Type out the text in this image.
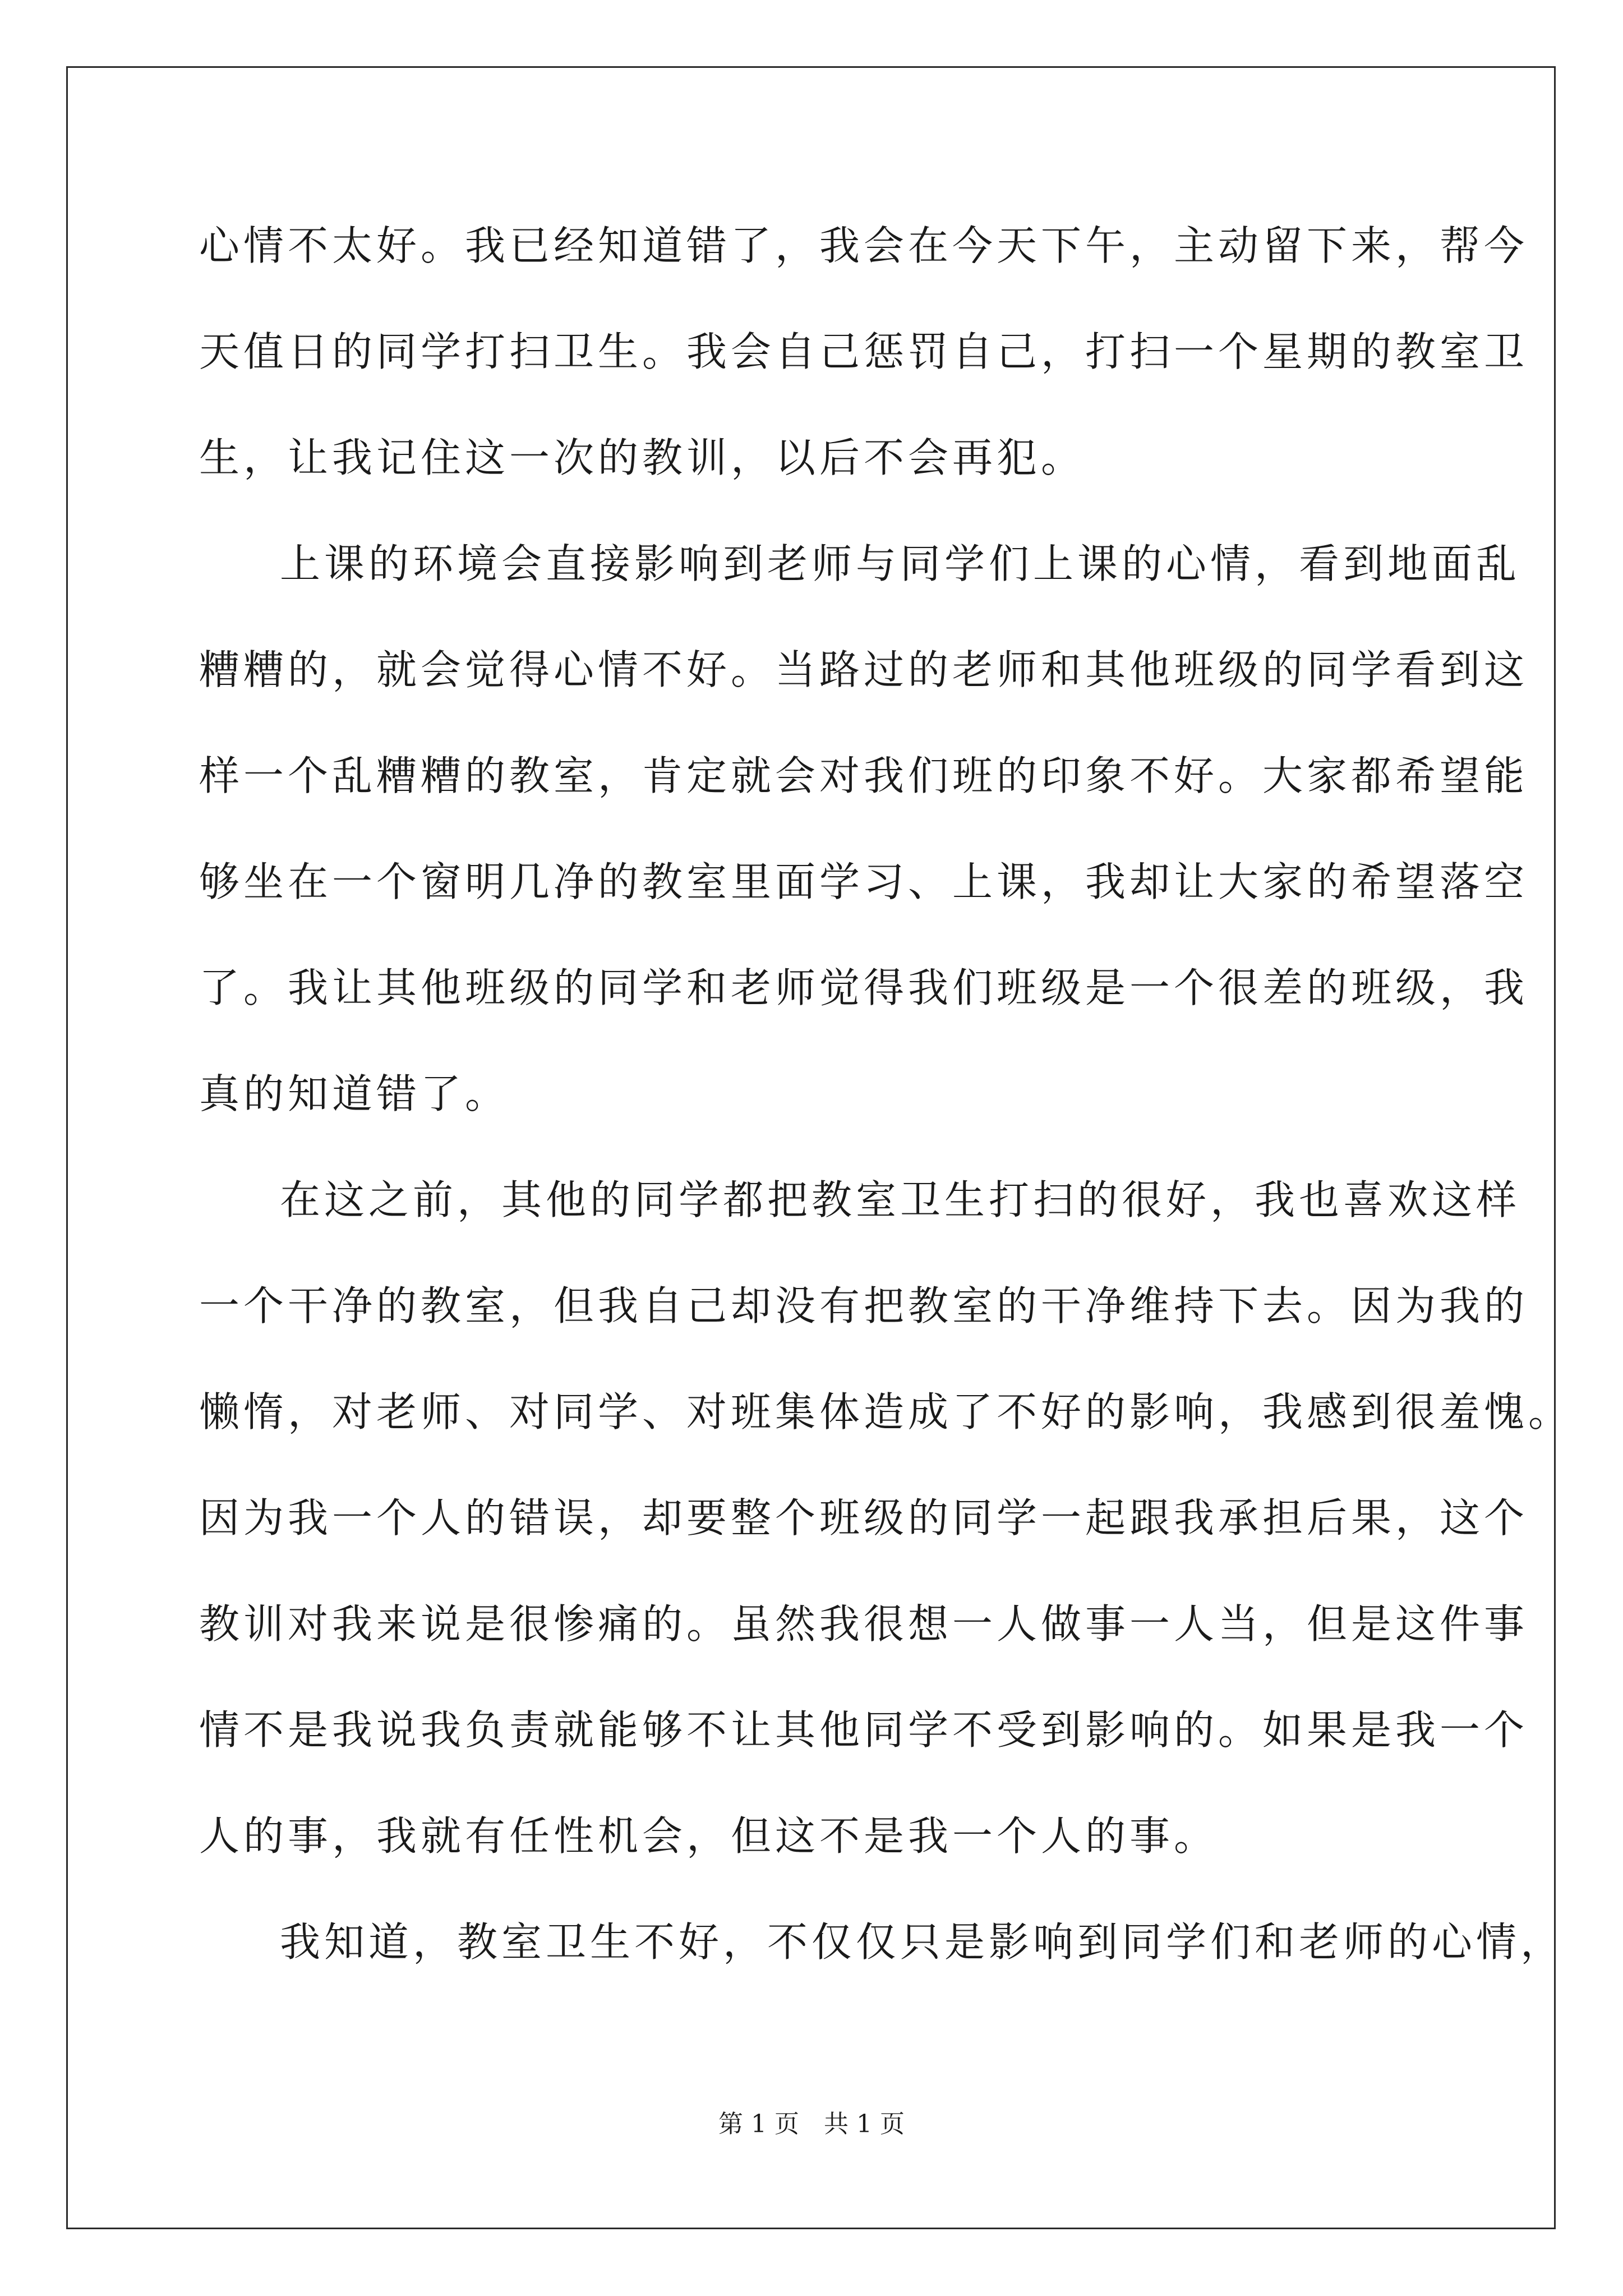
心情不太好。我已经知道错了，我会在今天下午，主动留下来，帮今
天值日的同学打扫卫生。我会自己惩罚自己，打扫一个星期的教室卫
生，让我记住这一次的教训，以后不会再犯。
上课的环境会直接影响到老师与同学们上课的心情，看到地面乱
糟糟的，就会觉得心情不好。当路过的老师和其他班级的同学看到这
样一个乱糟糟的教室，肯定就会对我们班的印象不好。大家都希望能
够坐在一个窗明几净的教室里面学习、上课，我却让大家的希望落空
了。我让其他班级的同学和老师觉得我们班级是一个很差的班级，我
真的知道错了。
在这之前，其他的同学都把教室卫生打扫的很好，我也喜欢这样
一个干净的教室，但我自己却没有把教室的干净维持下去。因为我的
懒惰，对老师、对同学、对班集体造成了不好的影响，我感到很羞愧。
因为我一个人的错误，却要整个班级的同学一起跟我承担后果，这个
教训对我来说是很惨痛的。虽然我很想一人做事一人当，但是这件事
情不是我说我负责就能够不让其他同学不受到影响的。如果是我一个
人的事，我就有任性机会，但这不是我一个人的事。
我知道，教室卫生不好，不仅仅只是影响到同学们和老师的心情，
第 1 页　共 1 页
